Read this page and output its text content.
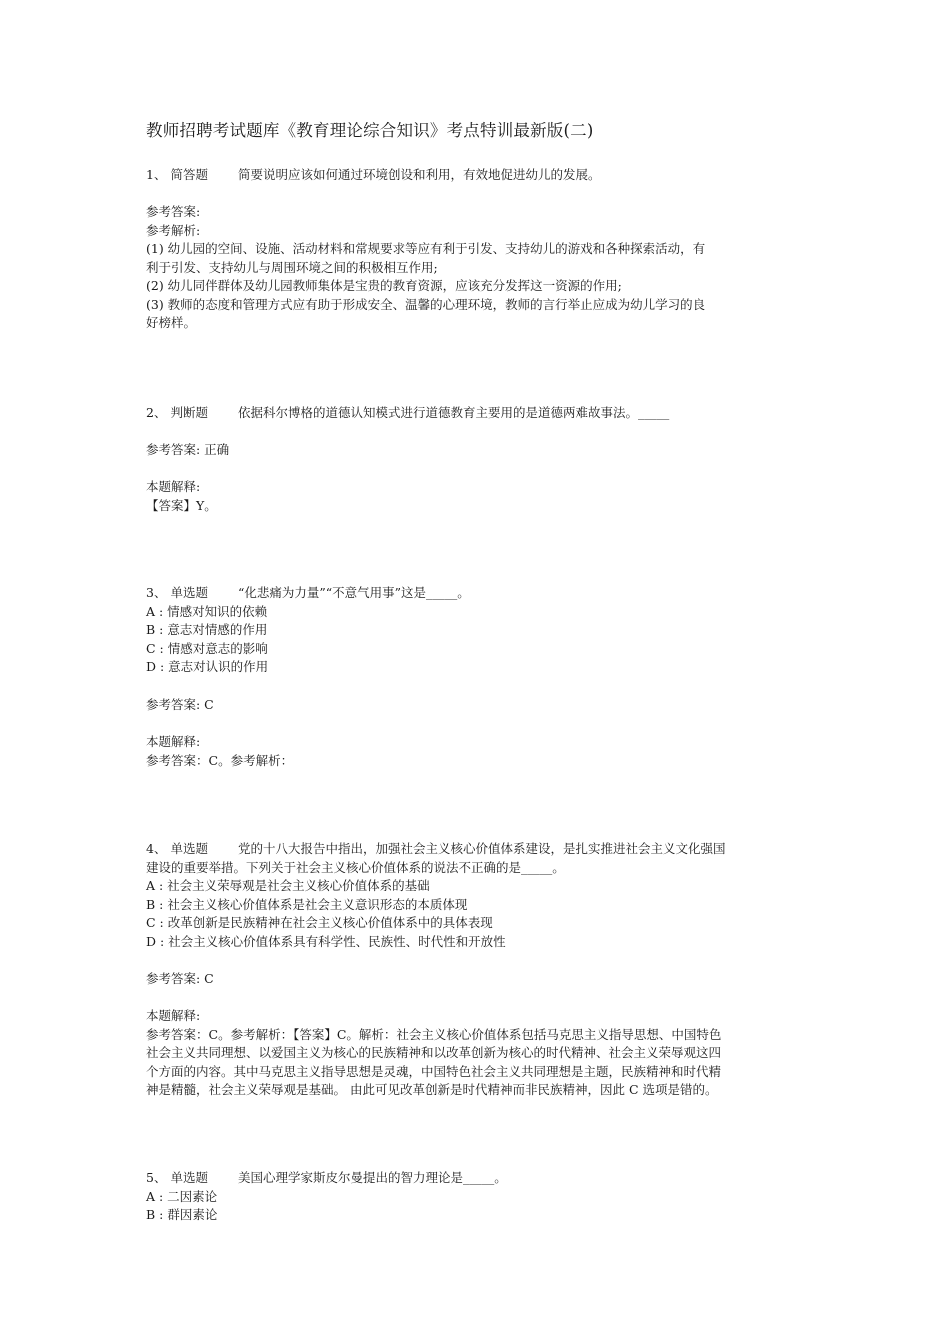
教师招聘考试题库《教育理论综合知识》考点特训最新版(二)
1、 简答题 简要说明应该如何通过环境创设和利用，有效地促进幼儿的发展。
参考答案:
参考解析:
(1) 幼儿园的空间、设施、活动材料和常规要求等应有利于引发、支持幼儿的游戏和各种探索活动，有
利于引发、支持幼儿与周围环境之间的积极相互作用;
(2) 幼儿同伴群体及幼儿园教师集体是宝贵的教育资源，应该充分发挥这一资源的作用;
(3) 教师的态度和管理方式应有助于形成安全、温馨的心理环境，教师的言行举止应成为幼儿学习的良
好榜样。
2、 判断题 依据科尔博格的道德认知模式进行道德教育主要用的是道德两难故事法。_____
参考答案: 正确
本题解释:
【答案】Y。
3、 单选题 “化悲痛为力量”“不意气用事”这是_____。
A : 情感对知识的依赖
B : 意志对情感的作用
C : 情感对意志的影响
D : 意志对认识的作用
参考答案: C
本题解释:
参考答案：C。参考解析：
4、 单选题 党的十八大报告中指出，加强社会主义核心价值体系建设，是扎实推进社会主义文化强国
建设的重要举措。下列关于社会主义核心价值体系的说法不正确的是_____。
A : 社会主义荣辱观是社会主义核心价值体系的基础
B : 社会主义核心价值体系是社会主义意识形态的本质体现
C : 改革创新是民族精神在社会主义核心价值体系中的具体表现
D : 社会主义核心价值体系具有科学性、民族性、时代性和开放性
参考答案: C
本题解释:
参考答案：C。参考解析：【答案】C。解析：社会主义核心价值体系包括马克思主义指导思想、中国特色
社会主义共同理想、以爱国主义为核心的民族精神和以改革创新为核心的时代精神、社会主义荣辱观这四
个方面的内容。其中马克思主义指导思想是灵魂，中国特色社会主义共同理想是主题，民族精神和时代精
神是精髓，社会主义荣辱观是基础。 由此可见改革创新是时代精神而非民族精神，因此 C 选项是错的。
5、 单选题 美国心理学家斯皮尔曼提出的智力理论是_____。
A : 二因素论
B : 群因素论
